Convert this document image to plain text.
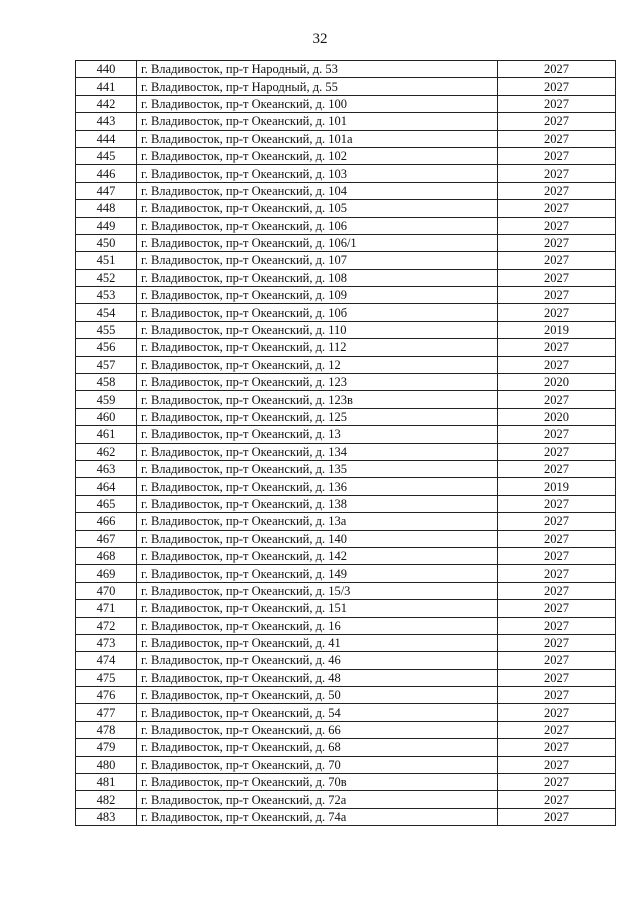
32
440	г. Владивосток, пр-т Народный, д. 53	2027
441	г. Владивосток, пр-т Народный, д. 55	2027
442	г. Владивосток, пр-т Океанский, д. 100	2027
443	г. Владивосток, пр-т Океанский, д. 101	2027
444	г. Владивосток, пр-т Океанский, д. 101а	2027
445	г. Владивосток, пр-т Океанский, д. 102	2027
446	г. Владивосток, пр-т Океанский, д. 103	2027
447	г. Владивосток, пр-т Океанский, д. 104	2027
448	г. Владивосток, пр-т Океанский, д. 105	2027
449	г. Владивосток, пр-т Океанский, д. 106	2027
450	г. Владивосток, пр-т Океанский, д. 106/1	2027
451	г. Владивосток, пр-т Океанский, д. 107	2027
452	г. Владивосток, пр-т Океанский, д. 108	2027
453	г. Владивосток, пр-т Океанский, д. 109	2027
454	г. Владивосток, пр-т Океанский, д. 10б	2027
455	г. Владивосток, пр-т Океанский, д. 110	2019
456	г. Владивосток, пр-т Океанский, д. 112	2027
457	г. Владивосток, пр-т Океанский, д. 12	2027
458	г. Владивосток, пр-т Океанский, д. 123	2020
459	г. Владивосток, пр-т Океанский, д. 123в	2027
460	г. Владивосток, пр-т Океанский, д. 125	2020
461	г. Владивосток, пр-т Океанский, д. 13	2027
462	г. Владивосток, пр-т Океанский, д. 134	2027
463	г. Владивосток, пр-т Океанский, д. 135	2027
464	г. Владивосток, пр-т Океанский, д. 136	2019
465	г. Владивосток, пр-т Океанский, д. 138	2027
466	г. Владивосток, пр-т Океанский, д. 13а	2027
467	г. Владивосток, пр-т Океанский, д. 140	2027
468	г. Владивосток, пр-т Океанский, д. 142	2027
469	г. Владивосток, пр-т Океанский, д. 149	2027
470	г. Владивосток, пр-т Океанский, д. 15/3	2027
471	г. Владивосток, пр-т Океанский, д. 151	2027
472	г. Владивосток, пр-т Океанский, д. 16	2027
473	г. Владивосток, пр-т Океанский, д. 41	2027
474	г. Владивосток, пр-т Океанский, д. 46	2027
475	г. Владивосток, пр-т Океанский, д. 48	2027
476	г. Владивосток, пр-т Океанский, д. 50	2027
477	г. Владивосток, пр-т Океанский, д. 54	2027
478	г. Владивосток, пр-т Океанский, д. 66	2027
479	г. Владивосток, пр-т Океанский, д. 68	2027
480	г. Владивосток, пр-т Океанский, д. 70	2027
481	г. Владивосток, пр-т Океанский, д. 70в	2027
482	г. Владивосток, пр-т Океанский, д. 72а	2027
483	г. Владивосток, пр-т Океанский, д. 74а	2027
